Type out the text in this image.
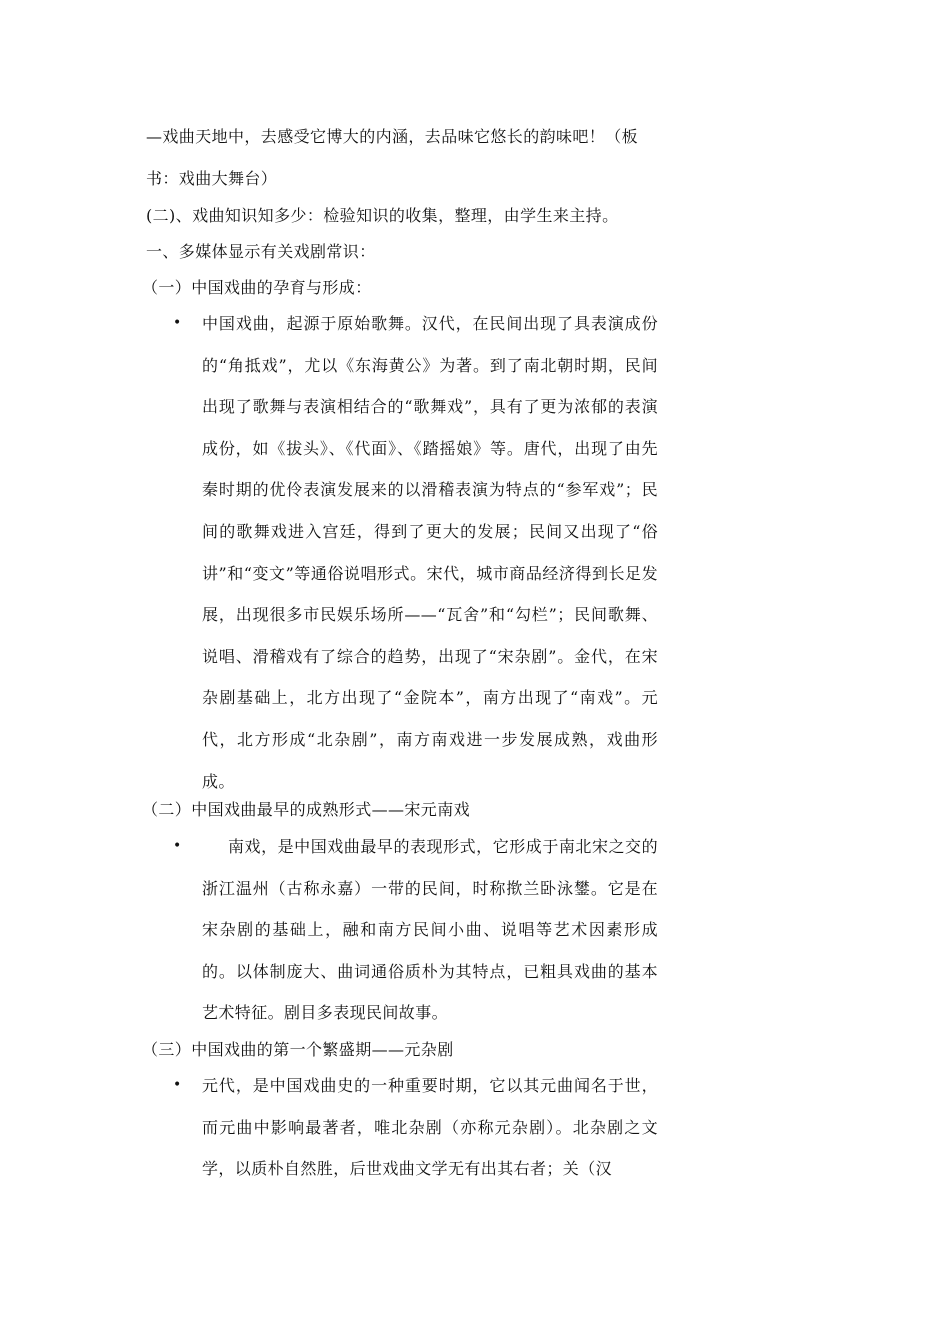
—戏曲天地中，去感受它博大的内涵，去品味它悠长的韵味吧！（板
书：戏曲大舞台）
(二)、戏曲知识知多少：检验知识的收集，整理，由学生来主持。
一、多媒体显示有关戏剧常识：
（一）中国戏曲的孕育与形成：
• 中国戏曲，起源于原始歌舞。汉代，在民间出现了具表演成份的“角抵戏”，尤以《东海黄公》为著。到了南北朝时期，民间出现了歌舞与表演相结合的“歌舞戏”，具有了更为浓郁的表演成份，如《拔头》、《代面》、《踏摇娘》等。唐代，出现了由先秦时期的优伶表演发展来的以滑稽表演为特点的“参军戏”；民间的歌舞戏进入宫廷，得到了更大的发展；民间又出现了“俗讲”和“变文”等通俗说唱形式。宋代，城市商品经济得到长足发展，出现很多市民娱乐场所——“瓦舍”和“勾栏”；民间歌舞、说唱、滑稽戏有了综合的趋势，出现了“宋杂剧”。金代，在宋杂剧基础上，北方出现了“金院本”，南方出现了“南戏”。元代，北方形成“北杂剧”，南方南戏进一步发展成熟，戏曲形成。
（二）中国戏曲最早的成熟形式——宋元南戏
•	南戏，是中国戏曲最早的表现形式，它形成于南北宋之交的浙江温州（古称永嘉）一带的民间，时称揿兰卧泳鐢。它是在宋杂剧的基础上，融和南方民间小曲、说唱等艺术因素形成的。以体制庞大、曲词通俗质朴为其特点，已粗具戏曲的基本艺术特征。剧目多表现民间故事。
（三）中国戏曲的第一个繁盛期——元杂剧
• 元代，是中国戏曲史的一种重要时期，它以其元曲闻名于世，而元曲中影响最著者，唯北杂剧（亦称元杂剧）。北杂剧之文学，以质朴自然胜，后世戏曲文学无有出其右者；关（汉
